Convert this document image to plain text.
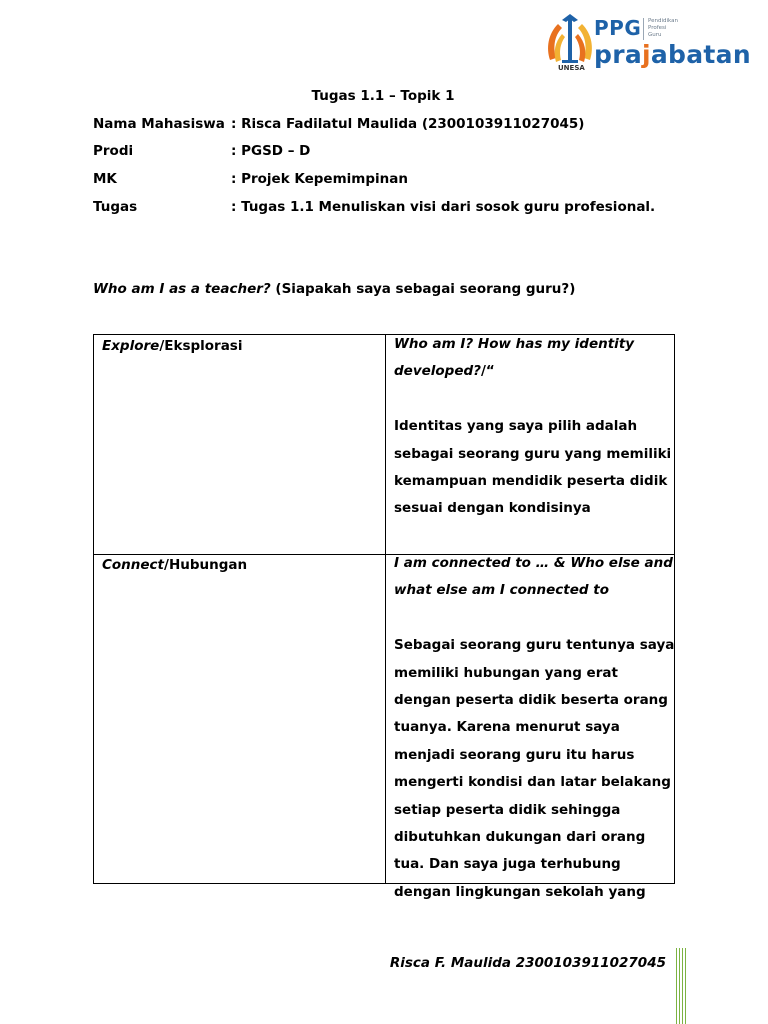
PPG Pendidikan
Profesi
Guru
prajabatan
UNESA
Tugas 1.1 – Topik 1
Nama Mahasiswa : Risca Fadilatul Maulida (2300103911027045)
Prodi	: PGSD – D
MK	: Projek Kepemimpinan
Tugas	: Tugas 1.1 Menuliskan visi dari sosok guru profesional.
Who am I as a teacher? (Siapakah saya sebagai seorang guru?)
Explore/Eksplorasi	Who am I? How has my identity developed?/“

Identitas yang saya pilih adalah sebagai seorang guru yang memiliki kemampuan mendidik peserta didik sesuai dengan kondisinya

Connect/Hubungan	I am connected to … & Who else and what else am I connected to

Sebagai seorang guru tentunya saya memiliki hubungan yang erat dengan peserta didik beserta orang tuanya. Karena menurut saya menjadi seorang guru itu harus mengerti kondisi dan latar belakang setiap peserta didik sehingga dibutuhkan dukungan dari orang tua. Dan saya juga terhubung dengan lingkungan sekolah yang

Risca F. Maulida 2300103911027045
